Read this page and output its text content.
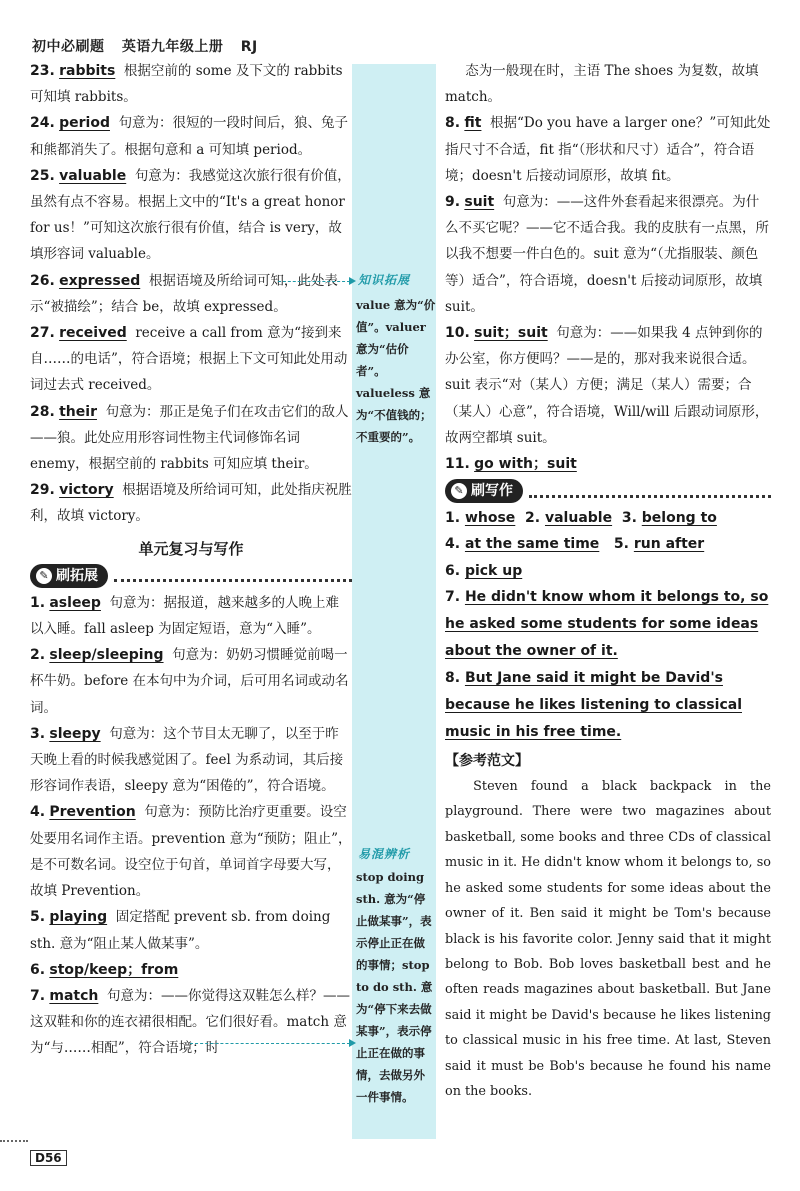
初中必刷题 英语九年级上册 RJ
23. rabbits 根据空前的 some 及下文的 rabbits 可知填 rabbits。
24. period 句意为：很短的一段时间后，狼、兔子和熊都消失了。根据句意和 a 可知填 period。
25. valuable 句意为：我感觉这次旅行很有价值，虽然有点不容易。根据上文中的“It's a great honor for us！”可知这次旅行很有价值，结合 is very，故填形容词 valuable。
26. expressed 根据语境及所给词可知，此处表示“被描绘”；结合 be，故填 expressed。
27. received receive a call from 意为“接到来自……的电话”，符合语境；根据上下文可知此处用动词过去式 received。
28. their 句意为：那正是兔子们在攻击它们的敌人——狼。此处应用形容词性物主代词修饰名词 enemy，根据空前的 rabbits 可知应填 their。
29. victory 根据语境及所给词可知，此处指庆祝胜利，故填 victory。
单元复习与写作
✎ 刷拓展
1. asleep 句意为：据报道，越来越多的人晚上难以入睡。fall asleep 为固定短语，意为“入睡”。
2. sleep/sleeping 句意为：奶奶习惯睡觉前喝一杯牛奶。before 在本句中为介词，后可用名词或动名词。
3. sleepy 句意为：这个节目太无聊了，以至于昨天晚上看的时候我感觉困了。feel 为系动词，其后接形容词作表语，sleepy 意为“困倦的”，符合语境。
4. Prevention 句意为：预防比治疗更重要。设空处要用名词作主语。prevention 意为“预防；阻止”，是不可数名词。设空位于句首，单词首字母要大写，故填 Prevention。
5. playing 固定搭配 prevent sb. from doing sth. 意为“阻止某人做某事”。
6. stop/keep；from
7. match 句意为：——你觉得这双鞋怎么样？——这双鞋和你的连衣裙很相配。它们很好看。match 意为“与……相配”，符合语境；时
知识拓展
value 意为“价值”。valuer 意为“估价者”。valueless 意为“不值钱的；不重要的”。
易混辨析
stop doing sth. 意为“停止做某事”，表示停止正在做的事情；stop to do sth. 意为“停下来去做某事”，表示停止正在做的事情，去做另外一件事情。
态为一般现在时，主语 The shoes 为复数，故填 match。
8. fit 根据“Do you have a larger one？”可知此处指尺寸不合适，fit 指“（形状和尺寸）适合”，符合语境；doesn't 后接动词原形，故填 fit。
9. suit 句意为：——这件外套看起来很漂亮。为什么不买它呢？——它不适合我。我的皮肤有一点黑，所以我不想要一件白色的。suit 意为“（尤指服装、颜色等）适合”，符合语境，doesn't 后接动词原形，故填 suit。
10. suit；suit 句意为：——如果我 4 点钟到你的办公室，你方便吗？——是的，那对我来说很合适。suit 表示“对（某人）方便；满足（某人）需要；合（某人）心意”，符合语境，Will/will 后跟动词原形，故两空都填 suit。
11. go with；suit
✎ 刷写作
1. whose 2. valuable 3. belong to
4. at the same time 5. run after
6. pick up
7. He didn't know whom it belongs to, so he asked some students for some ideas about the owner of it.
8. But Jane said it might be David's because he likes listening to classical music in his free time.
【参考范文】

Steven found a black backpack in the playground. There were two magazines about basketball, some books and three CDs of classical music in it. He didn't know whom it belongs to, so he asked some students for some ideas about the owner of it. Ben said it might be Tom's because black is his favorite color. Jenny said that it might belong to Bob. Bob loves basketball best and he often reads magazines about basketball. But Jane said it might be David's because he likes listening to classical music in his free time. At last, Steven said it must be Bob's because he found his name on the books.

D56
